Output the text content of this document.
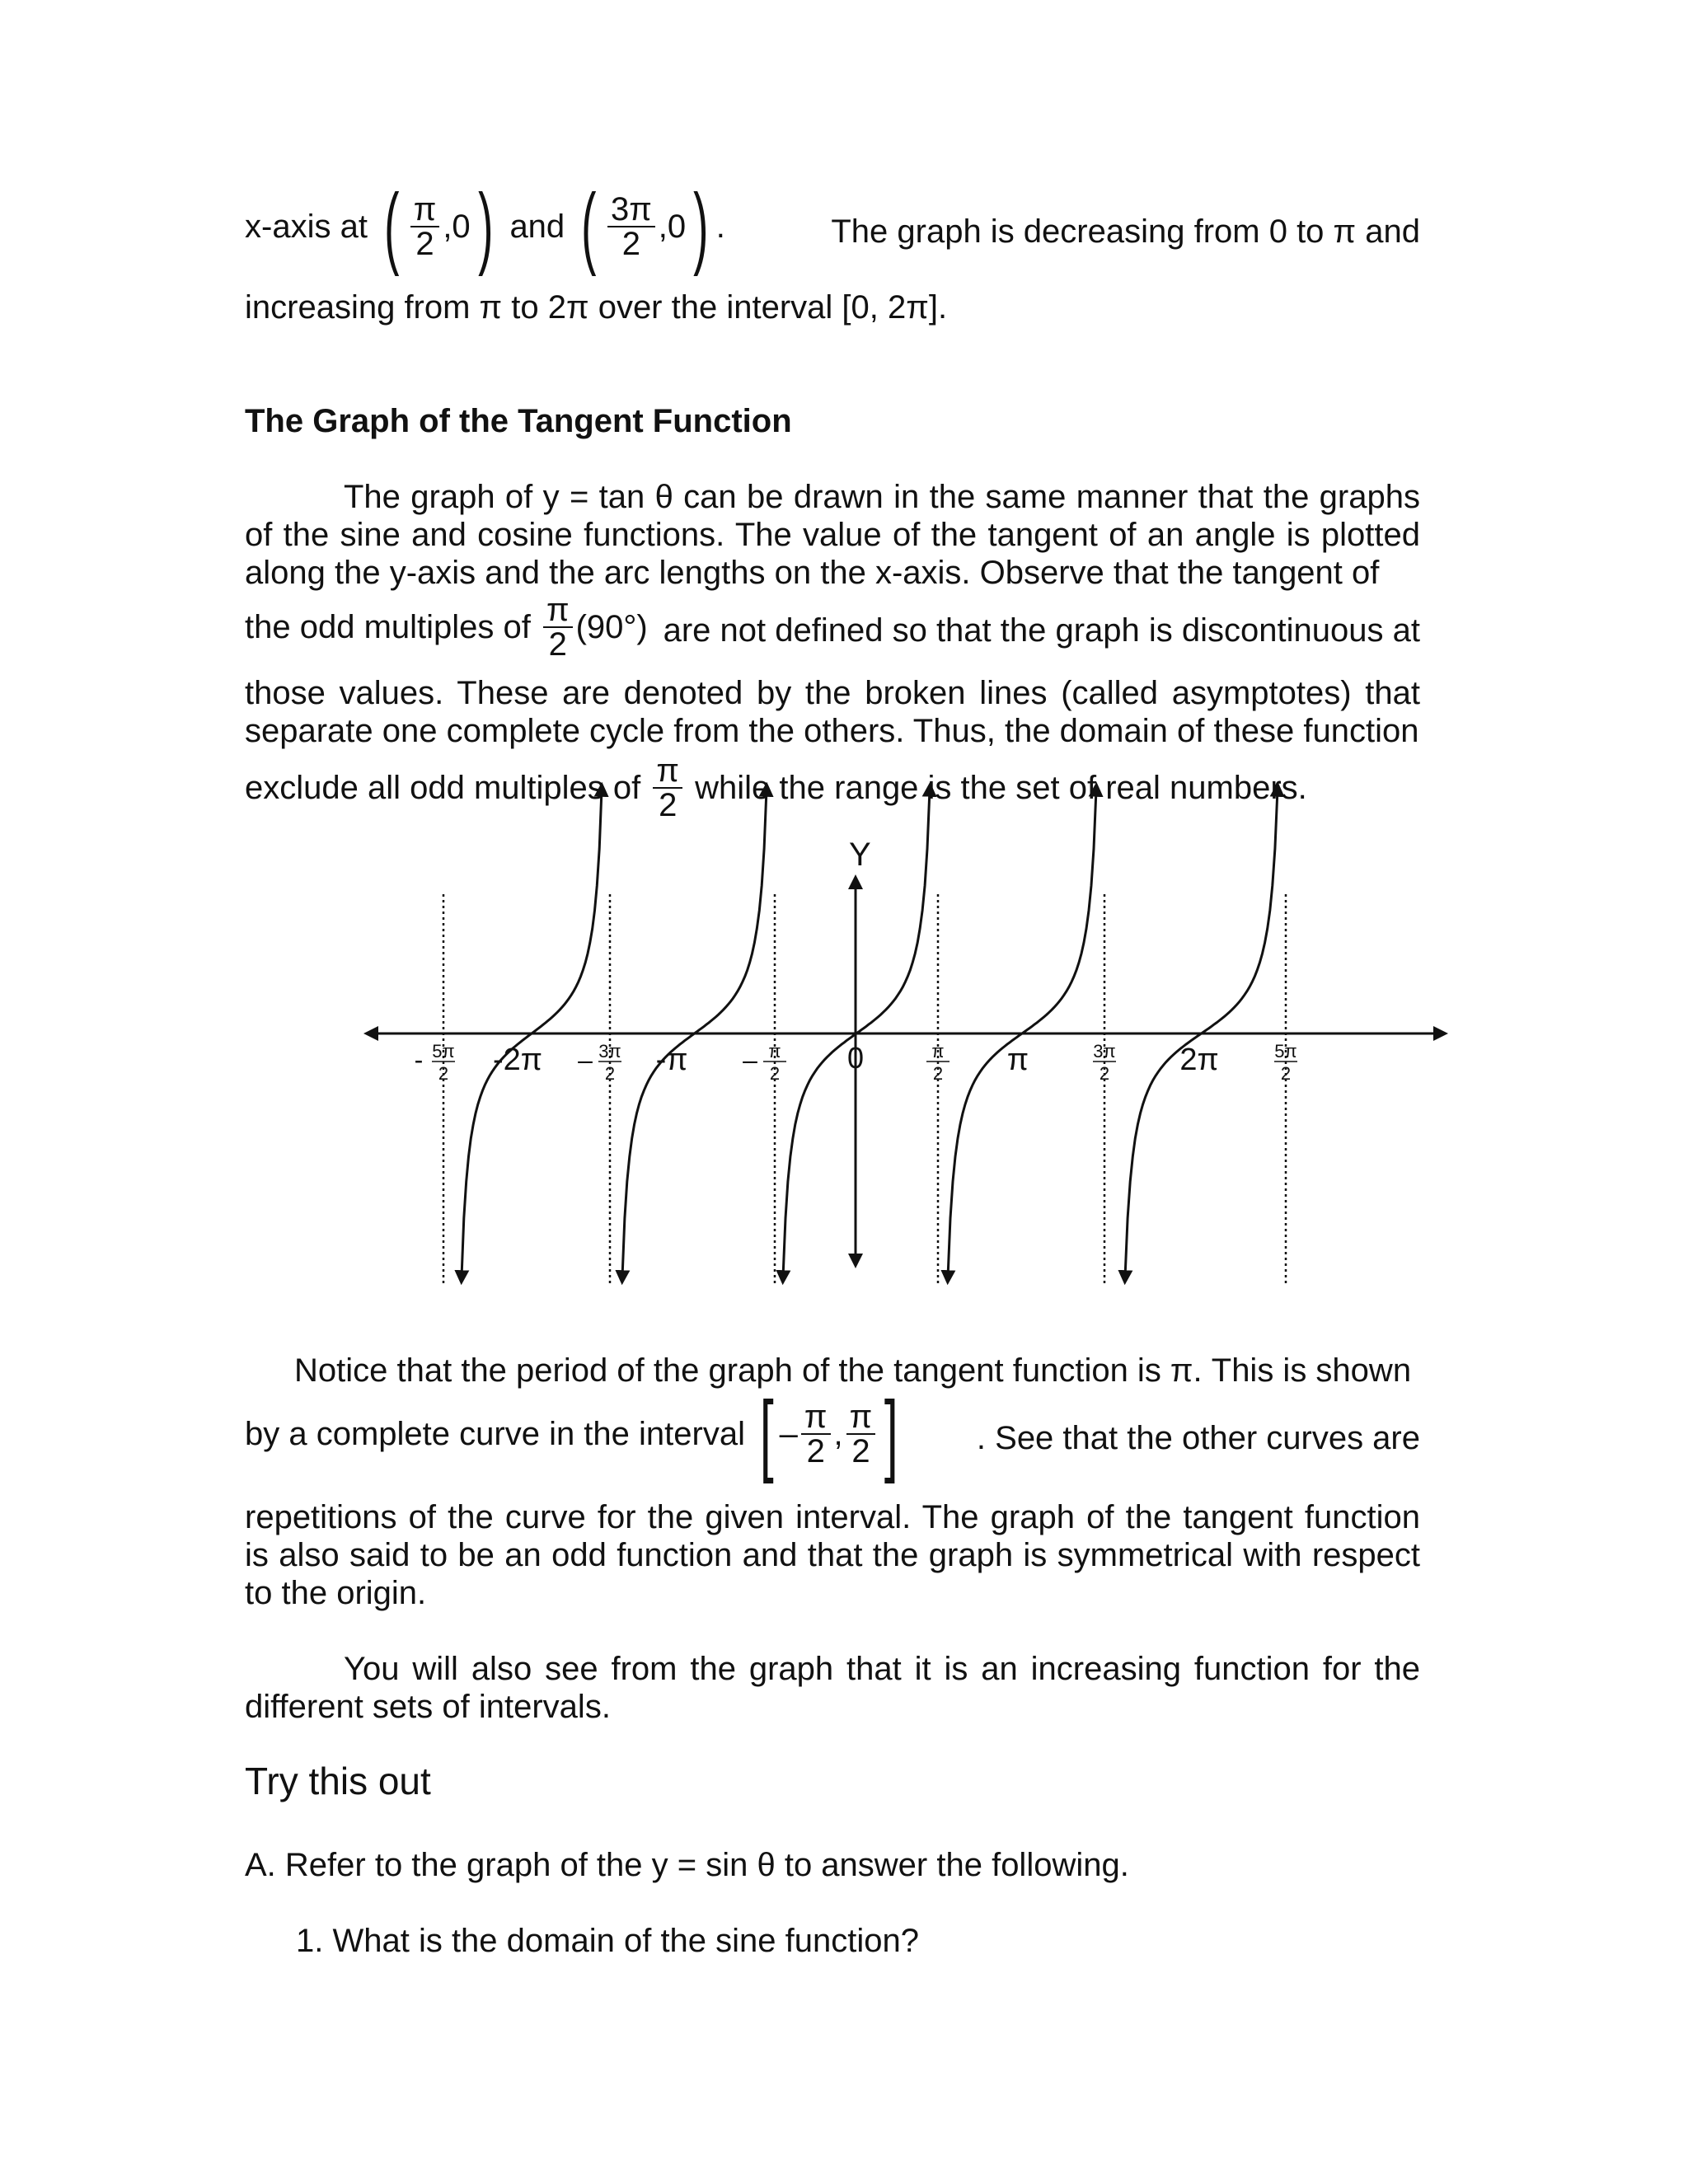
x-axis at ( $\frac{\pi}{2} ,0$) and ( $\frac{3\pi}{2} ,0$) .	The graph is decreasing from 0 to π and
increasing from π to 2π over the interval [0, 2π].
The Graph of the Tangent Function
The graph of y = tan θ can be drawn in the same manner that the graphs of the sine and cosine functions. The value of the tangent of an angle is plotted along the y-axis and the arc lengths on the x-axis. Observe that the tangent of
the odd multiples of $\frac{\pi}{2} (90^\circ)$ are not defined so that the graph is discontinuous at
those values. These are denoted by the broken lines (called asymptotes) that separate one complete cycle from the others. Thus, the domain of these function
exclude all odd multiples of $\frac{\pi}{2}$ while the range is the set of real numbers.
Y
0
-2π	-π	π	2π
- 5π
2	– 3π
2	– π
2
π
2
3π
2
5π
2
Notice that the period of the graph of the tangent function is π. This is shown
by a complete curve in the interval [ – $\frac{\pi}{2}$ , $\frac{\pi}{2}$ ] . See that the other curves are
repetitions of the curve for the given interval. The graph of the tangent function is also said to be an odd function and that the graph is symmetrical with respect to the origin.
You will also see from the graph that it is an increasing function for the different sets of intervals.
Try this out
A. Refer to the graph of the y = sin θ to answer the following.
1. What is the domain of the sine function?
